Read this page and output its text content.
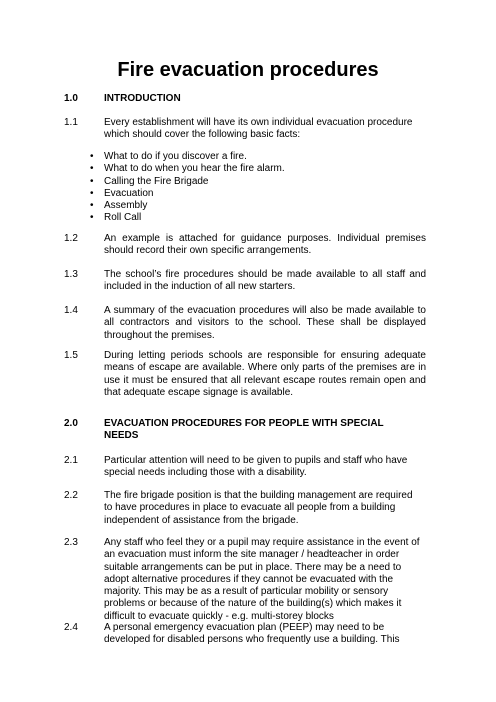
Fire evacuation procedures
1.0	INTRODUCTION
1.1	Every establishment will have its own individual evacuation procedure which should cover the following basic facts:
• What to do if you discover a fire.
• What to do when you hear the fire alarm.
• Calling the Fire Brigade
• Evacuation
• Assembly
• Roll Call
1.2	An example is attached for guidance purposes. Individual premises should record their own specific arrangements.
1.3	The school’s fire procedures should be made available to all staff and included in the induction of all new starters.
1.4	A summary of the evacuation procedures will also be made available to all contractors and visitors to the school. These shall be displayed throughout the premises.
1.5	During letting periods schools are responsible for ensuring adequate means of escape are available. Where only parts of the premises are in use it must be ensured that all relevant escape routes remain open and that adequate escape signage is available.
2.0	EVACUATION PROCEDURES FOR PEOPLE WITH SPECIAL NEEDS
2.1	Particular attention will need to be given to pupils and staff who have special needs including those with a disability.
2.2	The fire brigade position is that the building management are required to have procedures in place to evacuate all people from a building independent of assistance from the brigade.
2.3	Any staff who feel they or a pupil may require assistance in the event of an evacuation must inform the site manager / headteacher in order suitable arrangements can be put in place. There may be a need to adopt alternative procedures if they cannot be evacuated with the majority. This may be as a result of particular mobility or sensory problems or because of the nature of the building(s) which makes it difficult to evacuate quickly - e.g. multi-storey blocks
2.4	A personal emergency evacuation plan (PEEP) may need to be developed for disabled persons who frequently use a building. This
